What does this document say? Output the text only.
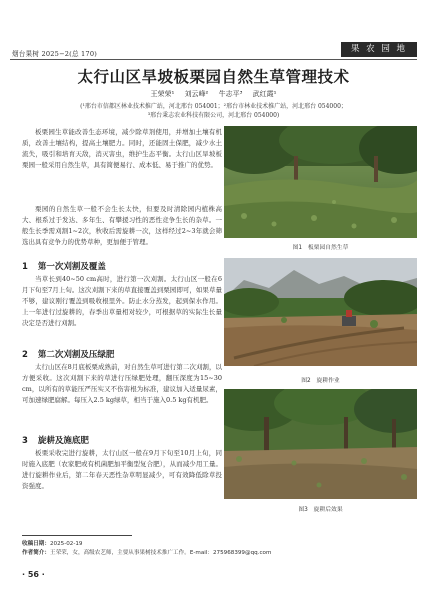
烟台果树 2025−2(总 170)	果 农 园 地
太行山区旱坡板栗园自然生草管理技术
王荣荣¹ 刘云峰² 牛志平³ 武红霞¹
(¹邢台市信都区林业技术推广站，河北邢台 054001；²邢台市林业技术推广站，河北邢台 054000；
³邢台秉志农业科技有限公司，河北邢台 054000)
板栗园生草能改善生态环境，减少除草剂使用，并增加土壤有机质，改善土壤结构，提高土壤肥力。同时，还能固土保肥，减少水土流失，吸引和培育天敌，消灭害虫，维护生态平衡。太行山区旱坡板栗园一般采用自然生草，具有简便易行、成本低、易于推广的优势。
栗园的自然生草一般不会生长太快，但要及时清除园内植株高大、根系过于发达、多年生、有攀援习性的恶性竞争生长的杂草。一般生长季需刈割1~2次，秋收后需旋耕一次，这样经过2~3年就会筛选出具有竞争力的优势草种，更加便于管理。
1 第一次刈割及覆盖
当草长到40~50 cm高时，进行第一次刈割。太行山区一般在6月下旬至7月上旬。这次刈割下来的草直接覆盖到栗园即可，如果草量不够，建议刚行覆盖到吸收根里外。防止水分蒸发，起到保水作用。上一年进行过旋耕的，春季出草量相对较少，可根据草的实际生长量决定是否进行刈割。
2 第二次刈割及压绿肥
太行山区在8月底板栗成熟前，对自然生草可进行第二次刈割，以方便采收。这次刈割下来的草进行压绿肥处理，翻压深度为15~30 cm，以所有的草能压严压实又不伤害根为标准，建议加入适量尿素，可加速绿肥腐解。每压入2.5 kg绿草，相当于施入0.5 kg有机肥。
3 旋耕及施底肥
板栗采收完进行旋耕，太行山区一般在9月下旬至10月上旬，同时施入底肥（农家肥或有机菌肥加平衡型复合肥），从而减少用工量。进行旋耕作业后，第二年春天恶性杂草明显减少，可有效降低除草投资强度。
图1　板栗园自然生草
图2　旋耕作业
图3　旋耕后效果
收稿日期：2025-02-19
作者简介：王荣荣，女，高级农艺师，主要从事果树技术推广工作。E-mail：275968399@qq.com
· 56 ·
